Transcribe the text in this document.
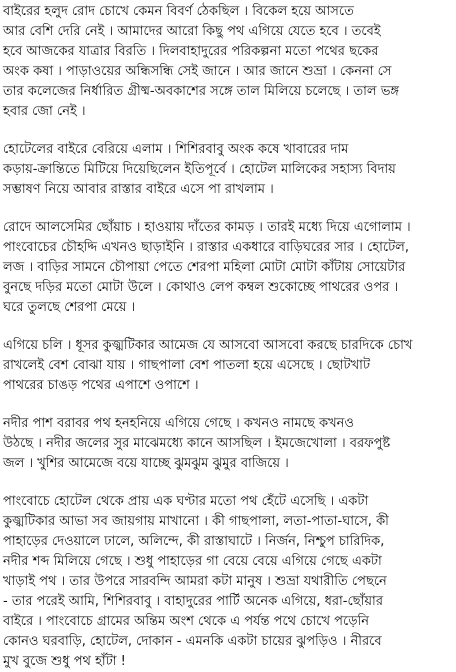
বাইরের হলুদ রোদ চোখে কেমন বিবর্ণ ঠেকছিল । বিকেল হয়ে আসতে
আর বেশি দেরি নেই । আমাদের আরো কিছু পথ এগিয়ে যেতে হবে । তবেই
হবে আজকের যাত্রার বিরতি । দিলবাহাদুরের পরিকল্পনা মতো পথের ছকের
অংক কষা । পাড়াওয়ের অন্ধিসন্ধি সেই জানে । আর জানে শুভ্রা । কেননা সে
তার কলেজের নির্ধারিত গ্রীষ্ম-অবকাশের সঙ্গে তাল মিলিয়ে চলেছে । তাল ভঙ্গ
হবার জো নেই ।
হোটেলের বাইরে বেরিয়ে এলাম । শিশিরবাবু অংক কষে খাবারের দাম
কড়ায়-ক্রান্তিতে মিটিয়ে দিয়েছিলেন ইতিপূর্বে । হোটেল মালিকের সহাস্য বিদায়
সম্ভাষণ নিয়ে আবার রাস্তার বাইরে এসে পা রাখলাম ।
রোদে আলসেমির ছোঁয়াচ । হাওয়ায় দাঁতের কামড় । তারই মধ্যে দিয়ে এগোলাম ।
পাংবোচের চৌহদ্দি এখনও ছাড়াইনি । রাস্তার একধারে বাড়িঘরের সার । হোটেল,
লজ । বাড়ির সামনে চৌপায়া পেতে শেরপা মহিলা মোটা মোটা কাঁটায় সোয়েটার
বুনছে দড়ির মতো মোটা উলে । কোথাও লেপ কম্বল শুকোচ্ছে পাথরের ওপর ।
ঘরে তুলছে শেরপা মেয়ে ।
এগিয়ে চলি । ধূসর কুজ্ঝটিকার আমেজ যে আসবো আসবো করছে চারদিকে চোখ
রাখলেই বেশ বোঝা যায় । গাছপালা বেশ পাতলা হয়ে এসেছে । ছোটখাট
পাথরের চাঙড় পথের এপাশে ওপাশে ।
নদীর পাশ বরাবর পথ হনহনিয়ে এগিয়ে গেছে । কখনও নামছে কখনও
উঠছে । নদীর জলের সুর মাঝেমধ্যে কানে আসছিল । ইমজেখোলা । বরফপুষ্ট
জল । খুশির আমেজে বয়ে যাচ্ছে ঝুমঝুম ঝুমুর বাজিয়ে ।
পাংবোচে হোটেল থেকে প্রায় এক ঘণ্টার মতো পথ হেঁটে এসেছি । একটা
কুজ্ঝটিকার আভা সব জায়গায় মাখানো । কী গাছপালা, লতা-পাতা-ঘাসে, কী
পাহাড়ের দেওয়ালে ঢালে, অলিন্দে, কী রাস্তাঘাটে । নির্জন, নিশ্চুপ চারিদিক,
নদীর শব্দ মিলিয়ে গেছে । শুধু পাহাড়ের গা বেয়ে বেয়ে এগিয়ে গেছে একটা
খাড়াই পথ । তার উপরে সারবন্দি আমরা কটা মানুষ । শুভ্রা যথারীতি পেছনে
- তার পরেই আমি, শিশিরবাবু । বাহাদুরের পার্টি অনেক এগিয়ে, ধরা-ছোঁয়ার
বাইরে । পাংবোচে গ্রামের অন্তিম অংশ থেকে এ পর্যন্ত পথে চোখে পড়েনি
কোনও ঘরবাড়ি, হোটেল, দোকান - এমনকি একটা চায়ের ঝুপড়িও । নীরবে
মুখ বুজে শুধু পথ হাঁটা !
